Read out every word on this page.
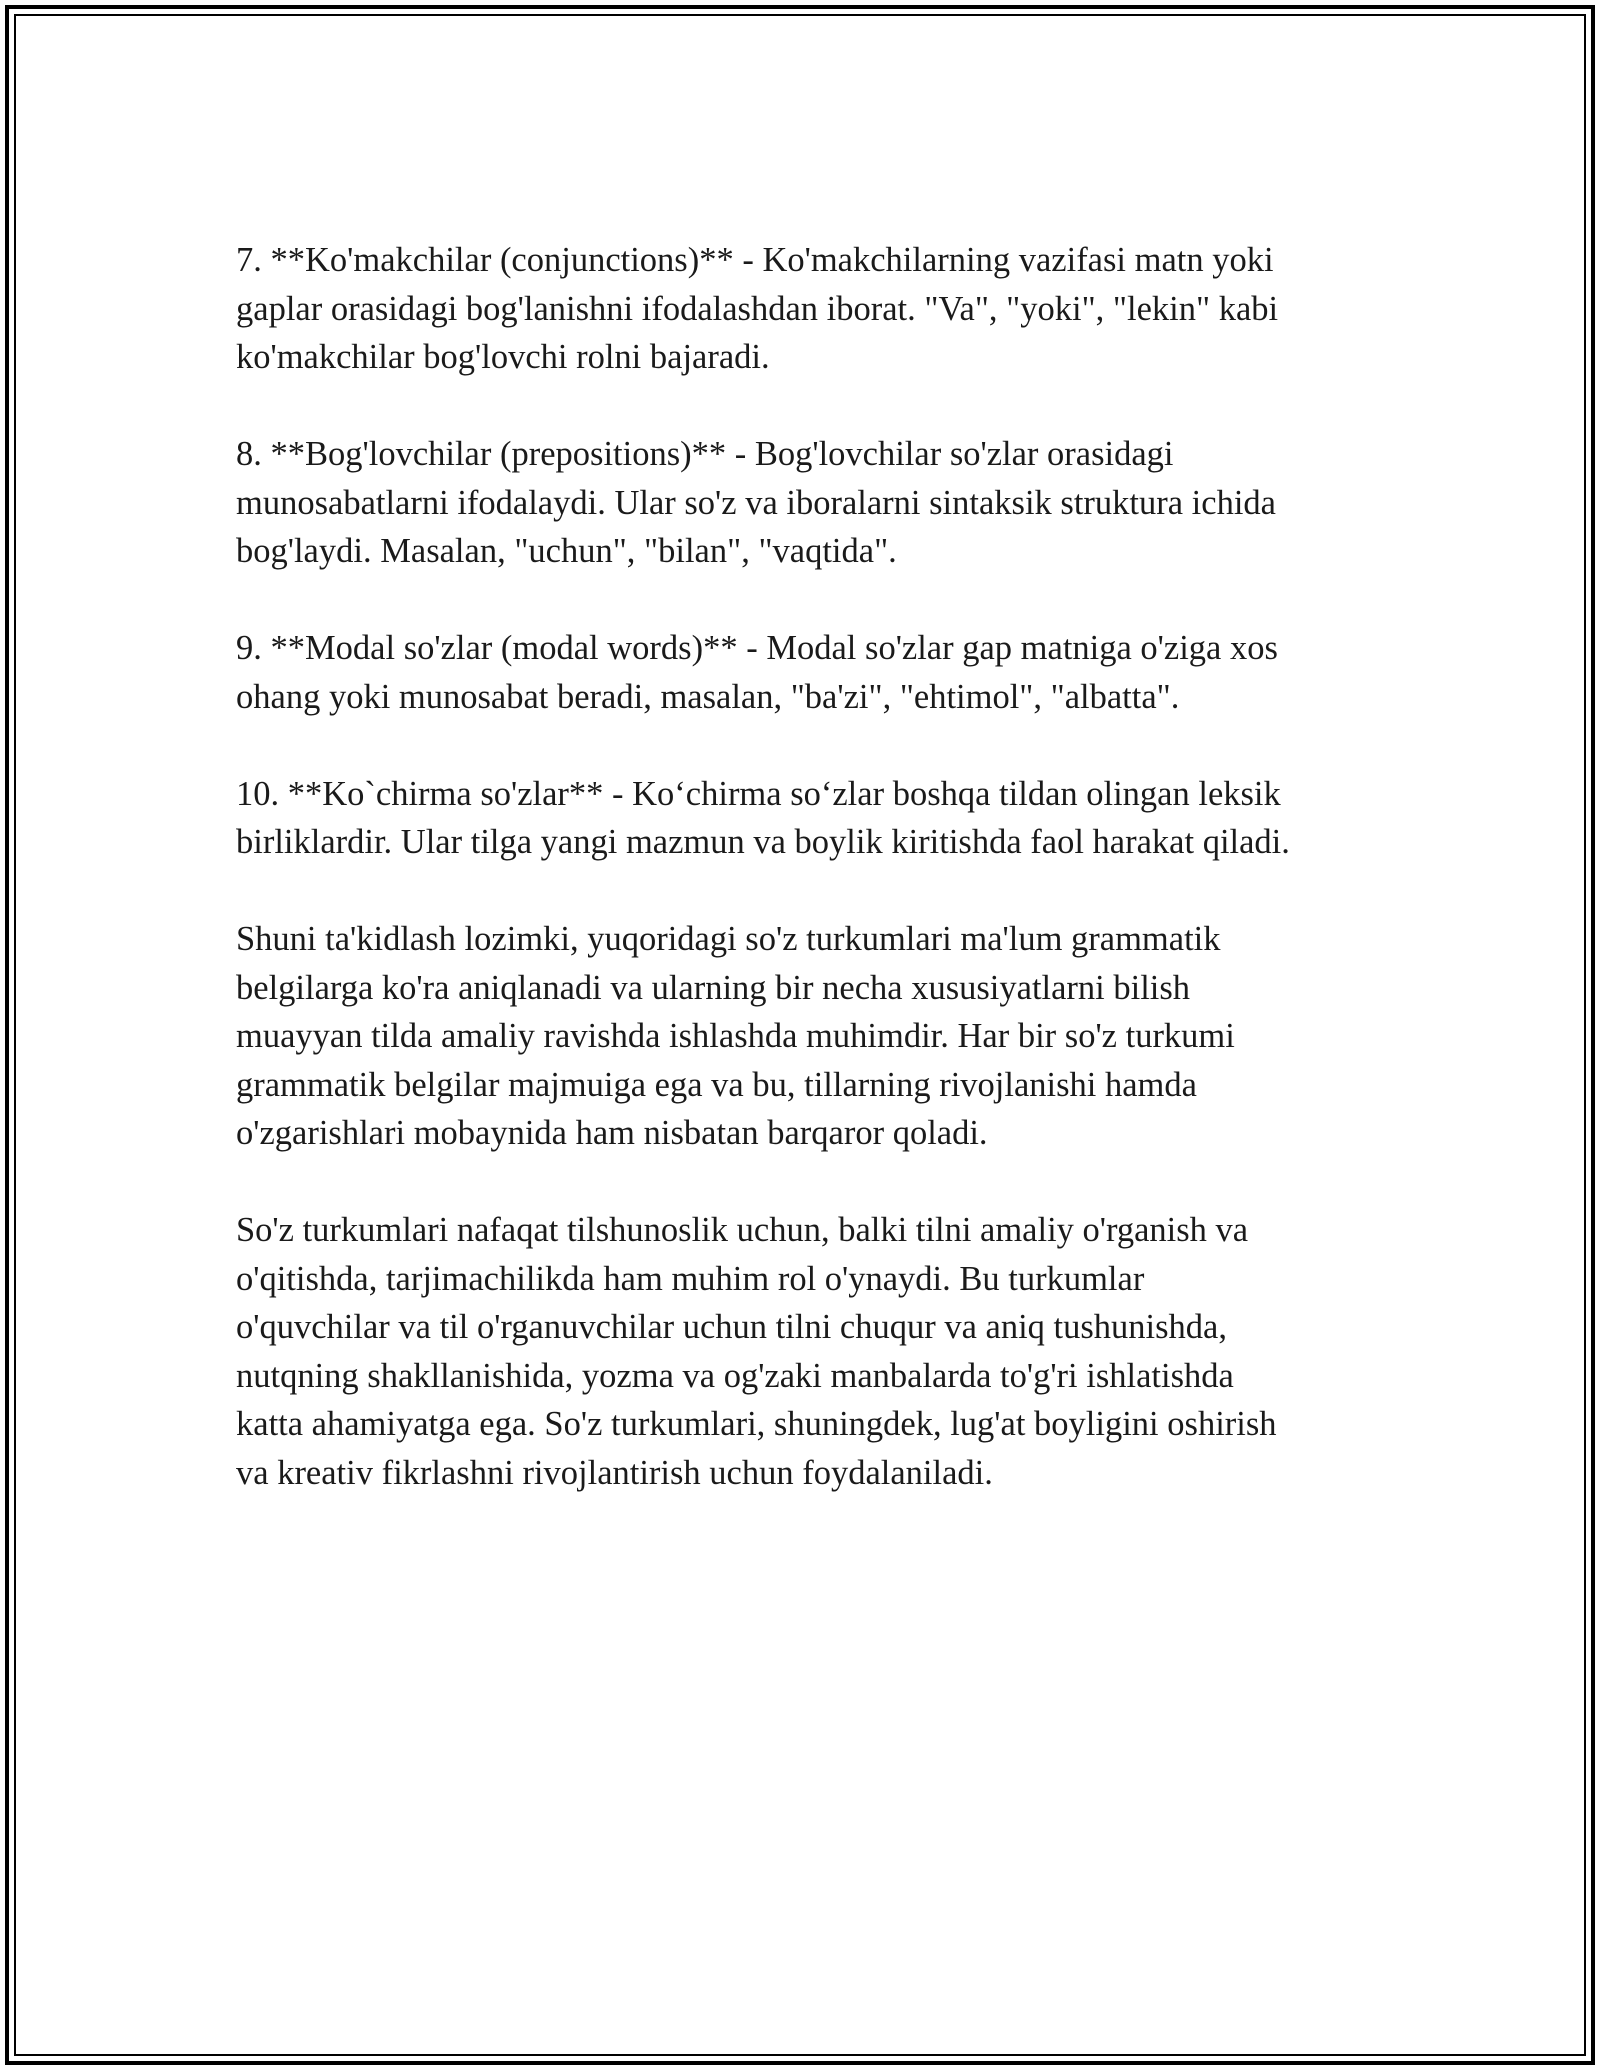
7. **Ko'makchilar (conjunctions)** - Ko'makchilarning vazifasi matn yoki
gaplar orasidagi bog'lanishni ifodalashdan iborat. "Va", "yoki", "lekin" kabi
ko'makchilar bog'lovchi rolni bajaradi.

8. **Bog'lovchilar (prepositions)** - Bog'lovchilar so'zlar orasidagi
munosabatlarni ifodalaydi. Ular so'z va iboralarni sintaksik struktura ichida
bog'laydi. Masalan, "uchun", "bilan", "vaqtida".

9. **Modal so'zlar (modal words)** - Modal so'zlar gap matniga o'ziga xos
ohang yoki munosabat beradi, masalan, "ba'zi", "ehtimol", "albatta".

10. **Ko`chirma so'zlar** - Ko‘chirma so‘zlar boshqa tildan olingan leksik
birliklardir. Ular tilga yangi mazmun va boylik kiritishda faol harakat qiladi.

Shuni ta'kidlash lozimki, yuqoridagi so'z turkumlari ma'lum grammatik
belgilarga ko'ra aniqlanadi va ularning bir necha xususiyatlarni bilish
muayyan tilda amaliy ravishda ishlashda muhimdir. Har bir so'z turkumi
grammatik belgilar majmuiga ega va bu, tillarning rivojlanishi hamda
o'zgarishlari mobaynida ham nisbatan barqaror qoladi.

So'z turkumlari nafaqat tilshunoslik uchun, balki tilni amaliy o'rganish va
o'qitishda, tarjimachilikda ham muhim rol o'ynaydi. Bu turkumlar
o'quvchilar va til o'rganuvchilar uchun tilni chuqur va aniq tushunishda,
nutqning shakllanishida, yozma va og'zaki manbalarda to'g'ri ishlatishda
katta ahamiyatga ega. So'z turkumlari, shuningdek, lug'at boyligini oshirish
va kreativ fikrlashni rivojlantirish uchun foydalaniladi.
